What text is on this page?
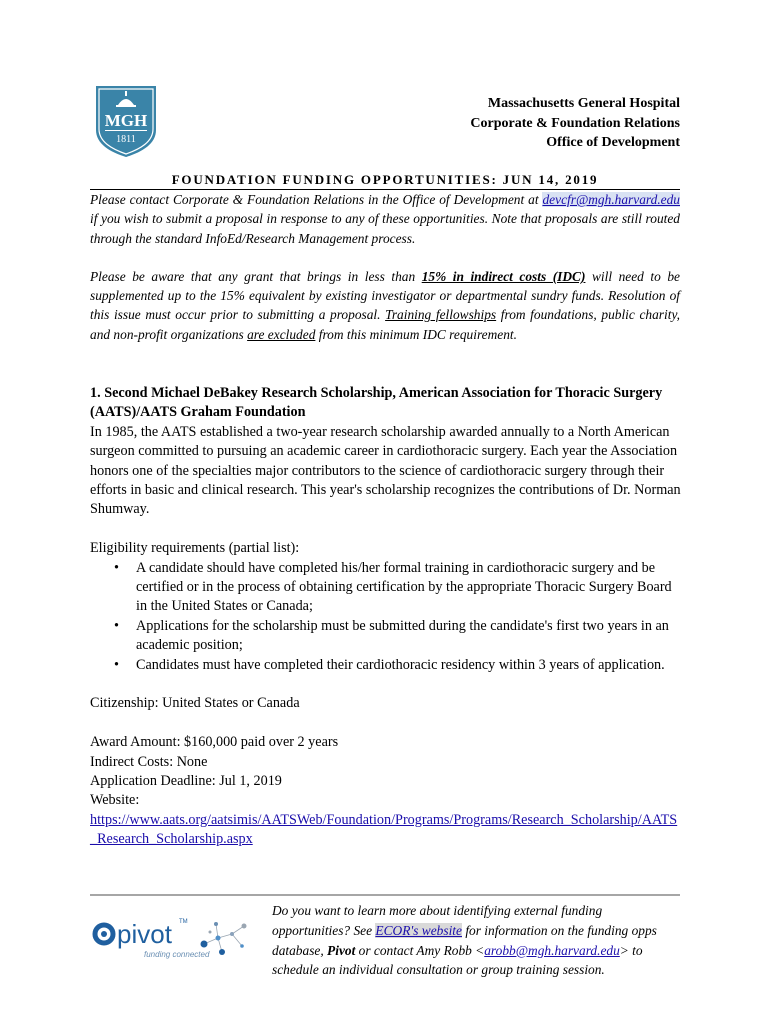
MGH
1811
Massachusetts General Hospital
Corporate & Foundation Relations
Office of Development
FOUNDATION FUNDING OPPORTUNITIES: JUN 14, 2019

Please contact Corporate & Foundation Relations in the Office of Development at devcfr@mgh.harvard.edu if you wish to submit a proposal in response to any of these opportunities. Note that proposals are still routed through the standard InfoEd/Research Management process.

Please be aware that any grant that brings in less than 15% in indirect costs (IDC) will need to be supplemented up to the 15% equivalent by existing investigator or departmental sundry funds. Resolution of this issue must occur prior to submitting a proposal. Training fellowships from foundations, public charity, and non-profit organizations are excluded from this minimum IDC requirement.

1. Second Michael DeBakey Research Scholarship, American Association for Thoracic Surgery (AATS)/AATS Graham Foundation

In 1985, the AATS established a two-year research scholarship awarded annually to a North American surgeon committed to pursuing an academic career in cardiothoracic surgery. Each year the Association honors one of the specialties major contributors to the science of cardiothoracic surgery through their efforts in basic and clinical research. This year's scholarship recognizes the contributions of Dr. Norman Shumway.

Eligibility requirements (partial list):

• A candidate should have completed his/her formal training in cardiothoracic surgery and be certified or in the process of obtaining certification by the appropriate Thoracic Surgery Board in the United States or Canada;
• Applications for the scholarship must be submitted during the candidate's first two years in an academic position;
• Candidates must have completed their cardiothoracic residency within 3 years of application.

Citizenship: United States or Canada

Award Amount: $160,000 paid over 2 years

Indirect Costs: None

Application Deadline: Jul 1, 2019

Website:

https://www.aats.org/aatsimis/AATSWeb/Foundation/Programs/Programs/Research_Scholarship/AATS_Research_Scholarship.aspx

pivot TM
funding connected
Do you want to learn more about identifying external funding opportunities? See ECOR's website for information on the funding opps database, Pivot or contact Amy Robb <arobb@mgh.harvard.edu> to schedule an individual consultation or group training session.
